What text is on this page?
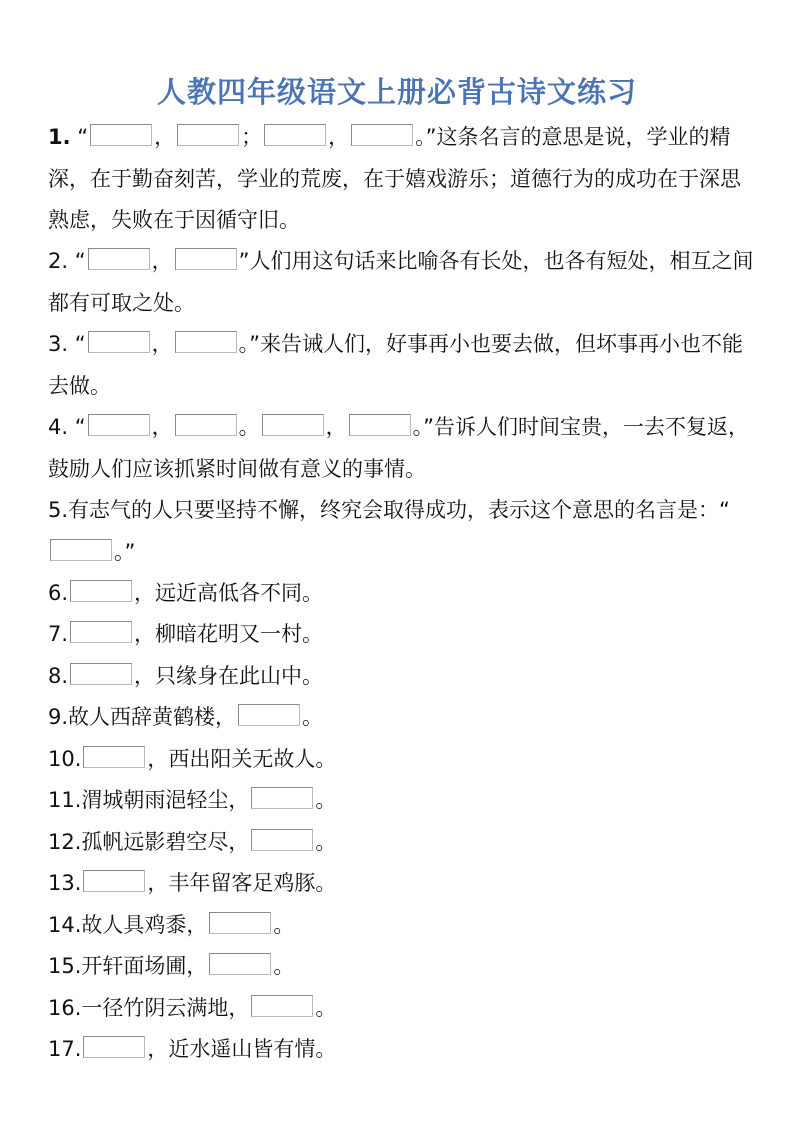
人教四年级语文上册必背古诗文练习
1. “	，	；	，	。”这条名言的意思是说，学业的精深，在于勤奋刻苦，学业的荒废，在于嬉戏游乐；道德行为的成功在于深思熟虑，失败在于因循守旧。
2. “	，	”人们用这句话来比喻各有长处，也各有短处，相互之间都有可取之处。
3. “	，	。”来告诫人们，好事再小也要去做，但坏事再小也不能去做。
4. “	，	。	，	。”告诉人们时间宝贵，一去不复返，鼓励人们应该抓紧时间做有意义的事情。
5.有志气的人只要坚持不懈，终究会取得成功，表示这个意思的名言是：“。”
6.	，远近高低各不同。
7.	，柳暗花明又一村。
8.	，只缘身在此山中。
9.故人西辞黄鹤楼，	。
10.	，西出阳关无故人。
11.渭城朝雨浥轻尘，	。
12.孤帆远影碧空尽，	。
13.	，丰年留客足鸡豚。
14.故人具鸡黍，	。
15.开轩面场圃，	。
16.一径竹阴云满地，	。
17.	，近水遥山皆有情。
